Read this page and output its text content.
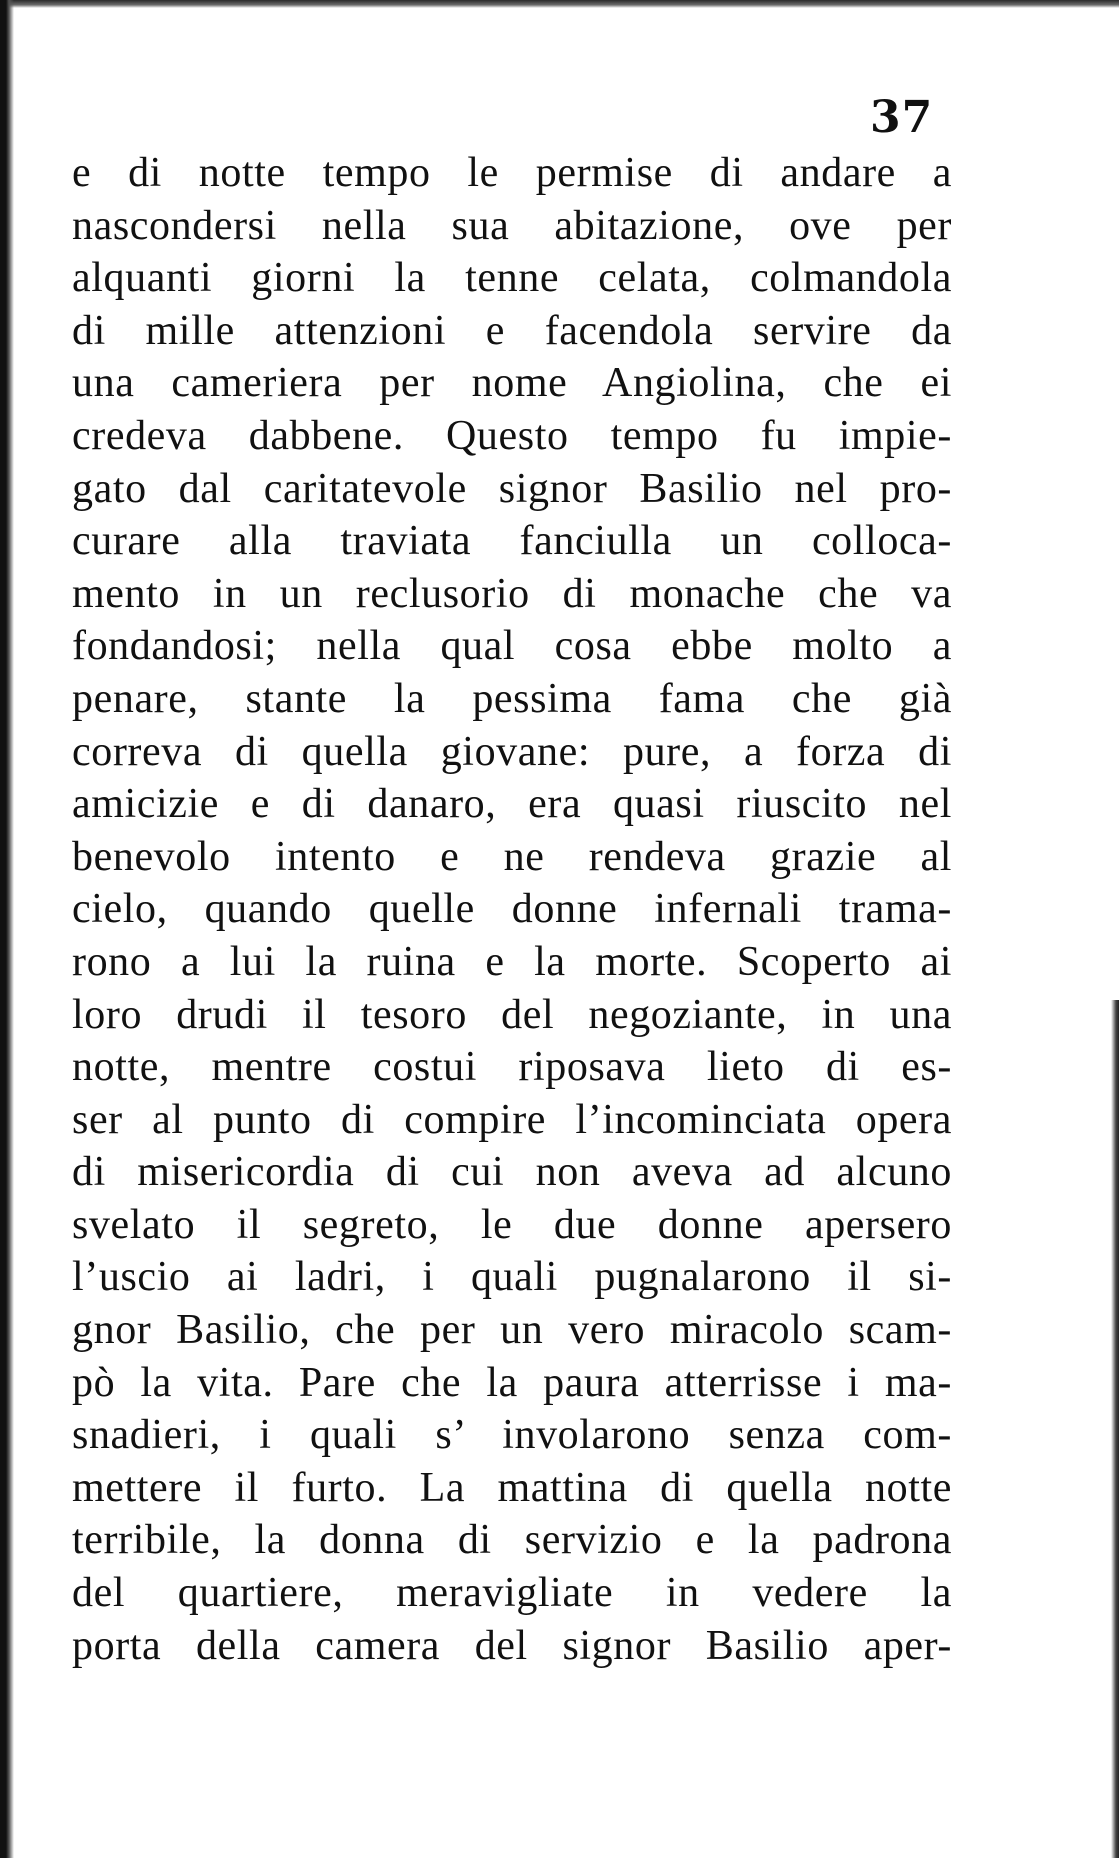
37
e di notte tempo le permise di andare a
nascondersi nella sua abitazione, ove per
alquanti giorni la tenne celata, colmandola
di mille attenzioni e facendola servire da
una cameriera per nome Angiolina, che ei
credeva dabbene. Questo tempo fu impie-
gato dal caritatevole signor Basilio nel pro-
curare alla traviata fanciulla un colloca-
mento in un reclusorio di monache che va
fondandosi; nella qual cosa ebbe molto a
penare, stante la pessima fama che già
correva di quella giovane: pure, a forza di
amicizie e di danaro, era quasi riuscito nel
benevolo intento e ne rendeva grazie al
cielo, quando quelle donne infernali trama-
rono a lui la ruina e la morte. Scoperto ai
loro drudi il tesoro del negoziante, in una
notte, mentre costui riposava lieto di es-
ser al punto di compire l’incominciata opera
di misericordia di cui non aveva ad alcuno
svelato il segreto, le due donne apersero
l’uscio ai ladri, i quali pugnalarono il si-
gnor Basilio, che per un vero miracolo scam-
pò la vita. Pare che la paura atterrisse i ma-
snadieri, i quali s’ involarono senza com-
mettere il furto. La mattina di quella notte
terribile, la donna di servizio e la padrona
del quartiere, meravigliate in vedere la
porta della camera del signor Basilio aper-
